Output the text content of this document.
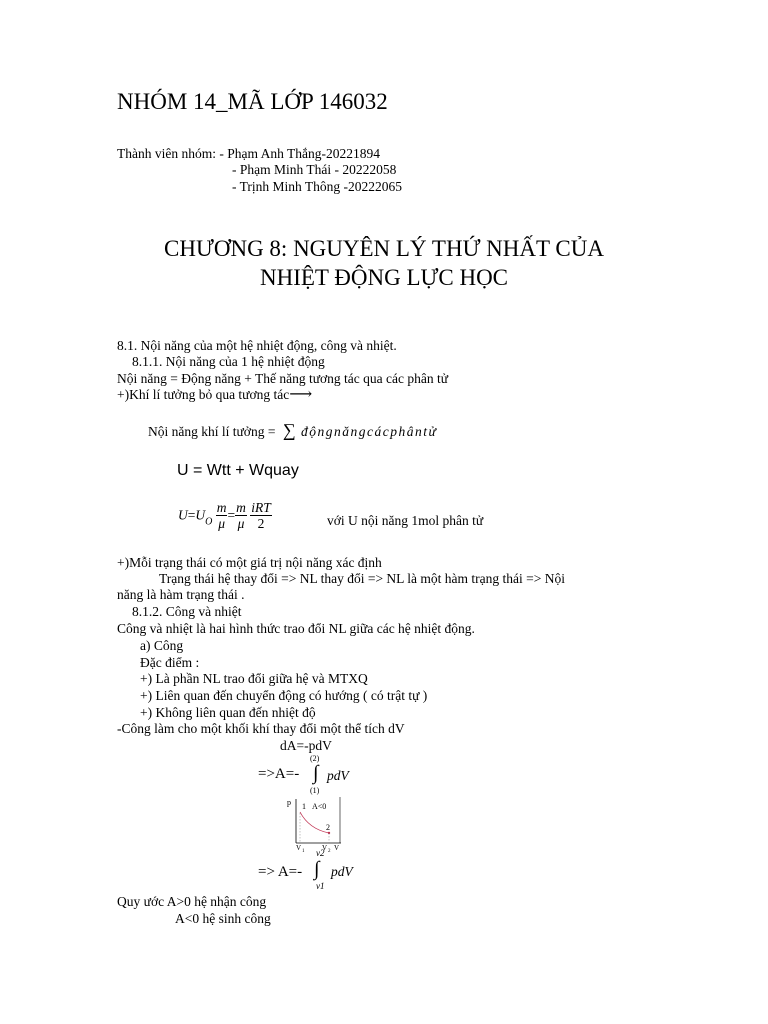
NHÓM 14_MÃ LỚP 146032
Thành viên nhóm: - Phạm Anh Thắng-20221894
- Phạm Minh Thái - 20222058
- Trịnh Minh Thông -20222065
CHƯƠNG 8: NGUYÊN LÝ THỨ NHẤT CỦA
NHIỆT ĐỘNG LỰC HỌC
8.1. Nội năng của một hệ nhiệt động, công và nhiệt.
8.1.1. Nội năng của 1 hệ nhiệt động
Nội năng = Động năng + Thế năng tương tác qua các phân tử
+)Khí lí tưởng bỏ qua tương tác⟶
Nội năng khí lí tưởng = ∑ độngnăngcácphântử
U = Wtt + Wquay
$U=U_O \frac{m}{\mu} = \frac{m}{\mu}$
$\frac{\text{iRT}}{2}$	với U nội năng 1mol phân tử
+)Mỗi trạng thái có một giá trị nội năng xác định
Trạng thái hệ thay đổi => NL thay đổi => NL là một hàm trạng thái => Nội
năng là hàm trạng thái .
8.1.2. Công và nhiệt
Công và nhiệt là hai hình thức trao đổi NL giữa các hệ nhiệt động.
a) Công
Đặc điểm :
+) Là phần NL trao đổi giữa hệ và MTXQ
+) Liên quan đến chuyển động có hướng ( có trật tự )
+) Không liên quan đến nhiệt độ
-Công làm cho một khối khí thay đổi một thể tích dV
dA=-pdV
=>A=-
(2)
∫
(1)
pdV
p 1 A<0
2
V 1	V 2 V
=> A=-
v2
∫
v1
pdV
Quy ước A>0 hệ nhận công
A<0 hệ sinh công
